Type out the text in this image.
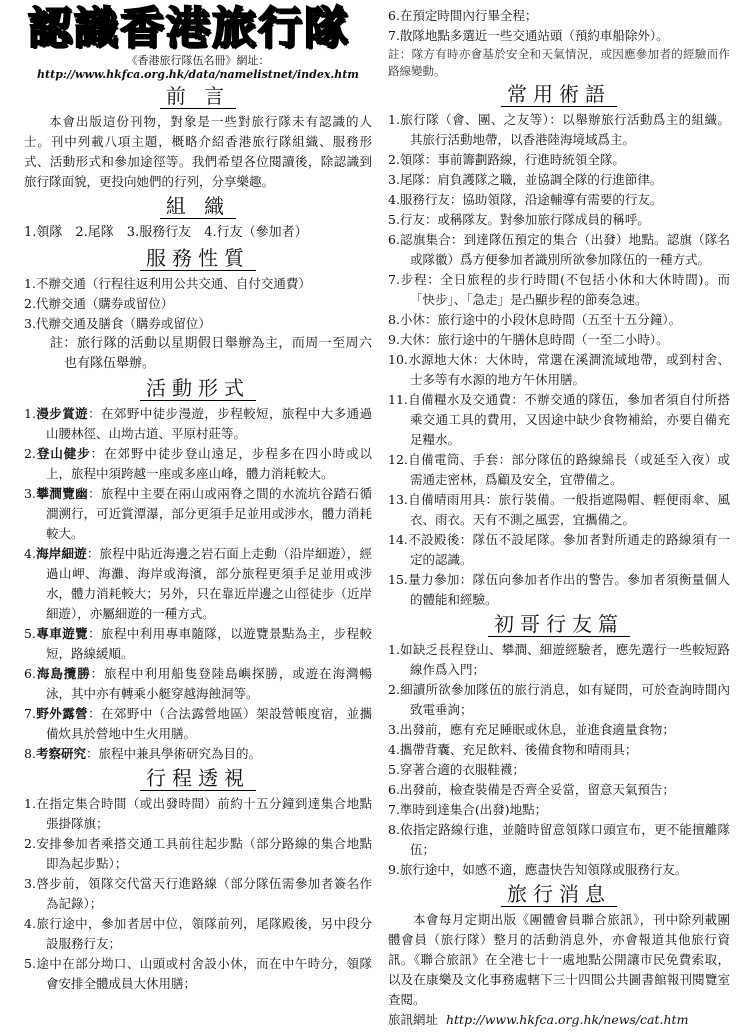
認識香港旅行隊
《香港旅行隊伍名冊》網址：
http://www.hkfca.org.hk/data/namelistnet/index.htm
前 言

本會出版這份刊物，對象是一些對旅行隊未有認識的人士。刊中列載八項主題，概略介紹香港旅行隊組織、服務形式、活動形式和參加途徑等。我們希望各位閱讀後，除認識到旅行隊面貌，更投向她們的行列，分享樂趣。

組 織

1.領隊　2.尾隊　3.服務行友　4.行友（參加者）

服務性質
1.不辦交通（行程往返利用公共交通、自付交通費）
2.代辦交通（購券或留位）
3.代辦交通及膳食（購券或留位）

註：旅行隊的活動以星期假日舉辦為主，而周一至周六也有隊伍舉辦。

活動形式
1.漫步賞遊：在郊野中徒步漫遊，步程較短，旅程中大多通過山腰林徑、山坳古道、平原村莊等。
2.登山健步：在郊野中徒步登山遠足，步程多在四小時或以上，旅程中須跨越一座或多座山峰，體力消耗較大。
3.攀澗覽幽：旅程中主要在兩山或兩脊之間的水流坑谷踏石循澗溯行，可近賞潭瀑，部分更須手足並用或涉水，體力消耗較大。
4.海岸細遊：旅程中貼近海邊之岩石面上走動（沿岸細遊），經過山岬、海灘、海岸或海濱，部分旅程更須手足並用或涉水，體力消耗較大；另外，只在靠近岸邊之山徑徒步（近岸細遊），亦屬細遊的一種方式。
5.專車遊覽：旅程中利用專車隨隊，以遊覽景點為主，步程較短，路線緩順。
6.海島攬勝：旅程中利用船隻登陸島嶼探勝，或遊在海灣暢泳，其中亦有轉乘小艇穿越海蝕洞等。
7.野外露營：在郊野中（合法露營地區）架設營帳度宿，並攜備炊具於營地中生火用膳。
8.考察研究：旅程中兼具學術研究為目的。
行程透視
1.在指定集合時間（或出發時間）前約十五分鐘到達集合地點張掛隊旗；
2.安排參加者乘搭交通工具前往起步點（部分路線的集合地點即為起步點）；
3.啓步前，領隊交代當天行進路線（部分隊伍需參加者簽名作為記錄）；
4.旅行途中，參加者居中位，領隊前列，尾隊殿後，另中段分設服務行友；
5.途中在部分坳口、山頭或村舍設小休，而在中午時分，領隊會安排全體成員大休用膳；
6.在預定時間內行畢全程；
7.散隊地點多選近一些交通站頭（預約車船除外）。

註：隊方有時亦會基於安全和天氣情況，或因應參加者的經驗而作路線變動。

常用術語
1.旅行隊（會、團、之友等）：以舉辦旅行活動爲主的組織。其旅行活動地帶，以香港陸海境域爲主。
2.領隊：事前籌劃路線，行進時統領全隊。
3.尾隊：肩負護隊之職，並協調全隊的行進節律。
4.服務行友：協助領隊，沿途輔導有需要的行友。
5.行友：或稱隊友。對參加旅行隊成員的稱呼。
6.認旗集合：到達隊伍預定的集合（出發）地點。認旗（隊名或隊徽）爲方便參加者識別所欲參加隊伍的一種方式。
7.步程：全日旅程的步行時間(不包括小休和大休時間)。而「快步」、「急走」是凸顯步程的節奏急速。
8.小休：旅行途中的小段休息時間（五至十五分鐘）。
9.大休：旅行途中的午膳休息時間（一至二小時）。
10.水源地大休：大休時，常選在溪澗流域地帶，或到村舍、士多等有水源的地方午休用膳。
11.自備糧水及交通費：不辦交通的隊伍，參加者須自付所搭乘交通工具的費用，又因途中缺少食物補給，亦要自備充足糧水。
12.自備電筒、手套：部分隊伍的路線綿長（或延至入夜）或需通走密林，爲顧及安全，宜帶備之。
13.自備晴雨用具：旅行裝備。一般指遮陽帽、輕便雨傘、風衣、雨衣。天有不測之風雲，宜攜備之。
14.不設殿後：隊伍不設尾隊。參加者對所通走的路線須有一定的認識。
15.量力參加：隊伍向參加者作出的警告。參加者須衡量個人的體能和經驗。
初哥行友篇
1.如缺乏長程登山、攀澗、細遊經驗者，應先選行一些較短路線作爲入門；
2.細讀所欲參加隊伍的旅行消息，如有疑問，可於查詢時間內致電垂詢；
3.出發前，應有充足睡眠或休息，並進食適量食物；
4.攜帶背囊、充足飲料、後備食物和晴雨具；
5.穿著合適的衣服鞋襪；
6.出發前，檢查裝備是否齊全妥當，留意天氣預告；
7.準時到達集合(出發)地點；
8.依指定路線行進，並隨時留意領隊口頭宣布，更不能擅離隊伍；
9.旅行途中，如感不適，應盡快告知領隊或服務行友。
旅行消息

本會每月定期出版《團體會員聯合旅訊》，刊中除列載團體會員（旅行隊）整月的活動消息外，亦會報道其他旅行資訊。《聯合旅訊》在全港七十一處地點公開讓市民免費索取，以及在康樂及文化事務處轄下三十四間公共圖書館報刊閱覽室查閱。

旅訊網址 http://www.hkfca.org.hk/news/cat.htm
